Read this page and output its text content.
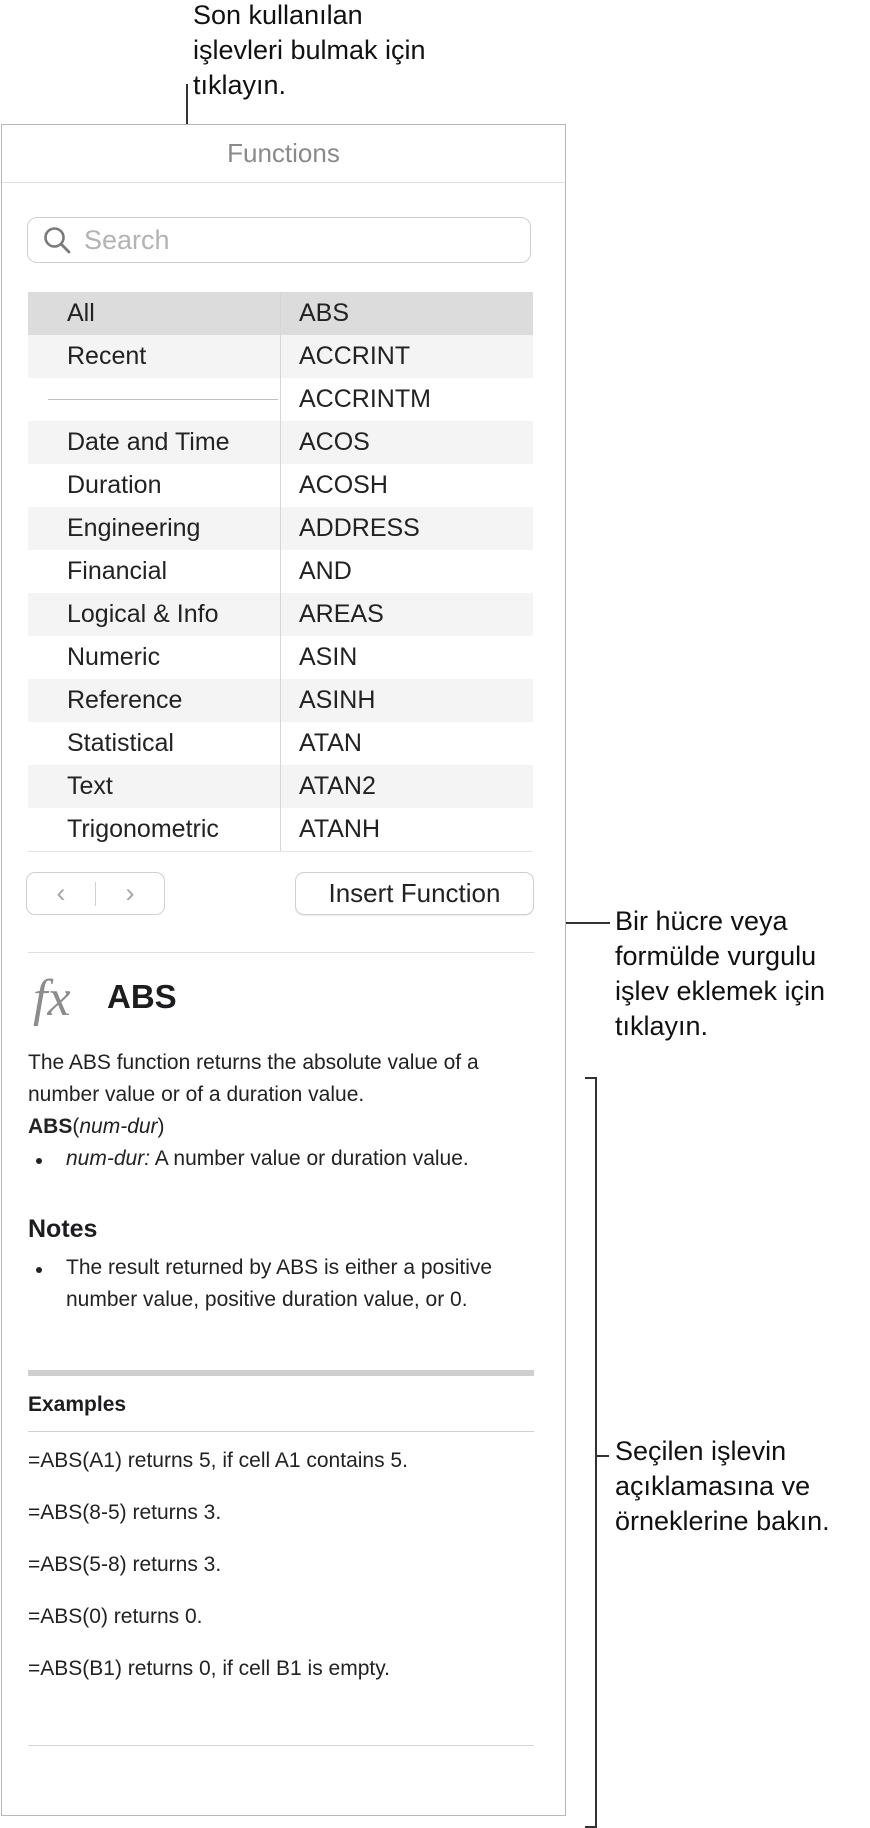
Son kullanılan
işlevleri bulmak için
tıklayın.

Bir hücre veya
formülde vurgulu
işlev eklemek için
tıklayın.

Seçilen işlevin
açıklamasına ve
örneklerine bakın.

Functions
Search
All
Recent
Date and Time
Duration
Engineering
Financial
Logical & Info
Numeric
Reference
Statistical
Text
Trigonometric
ABS
ACCRINT
ACCRINTM
ACOS
ACOSH
ADDRESS
AND
AREAS
ASIN
ASINH
ATAN
ATAN2
ATANH
‹ ›	Insert Function
fx ABS

The ABS function returns the absolute value of a number value or of a duration value.

ABS(num-dur)

num-dur: A number value or duration value.
Notes
The result returned by ABS is either a positive number value, positive duration value, or 0.
Examples
=ABS(A1) returns 5, if cell A1 contains 5.
=ABS(8-5) returns 3.
=ABS(5-8) returns 3.
=ABS(0) returns 0.
=ABS(B1) returns 0, if cell B1 is empty.
